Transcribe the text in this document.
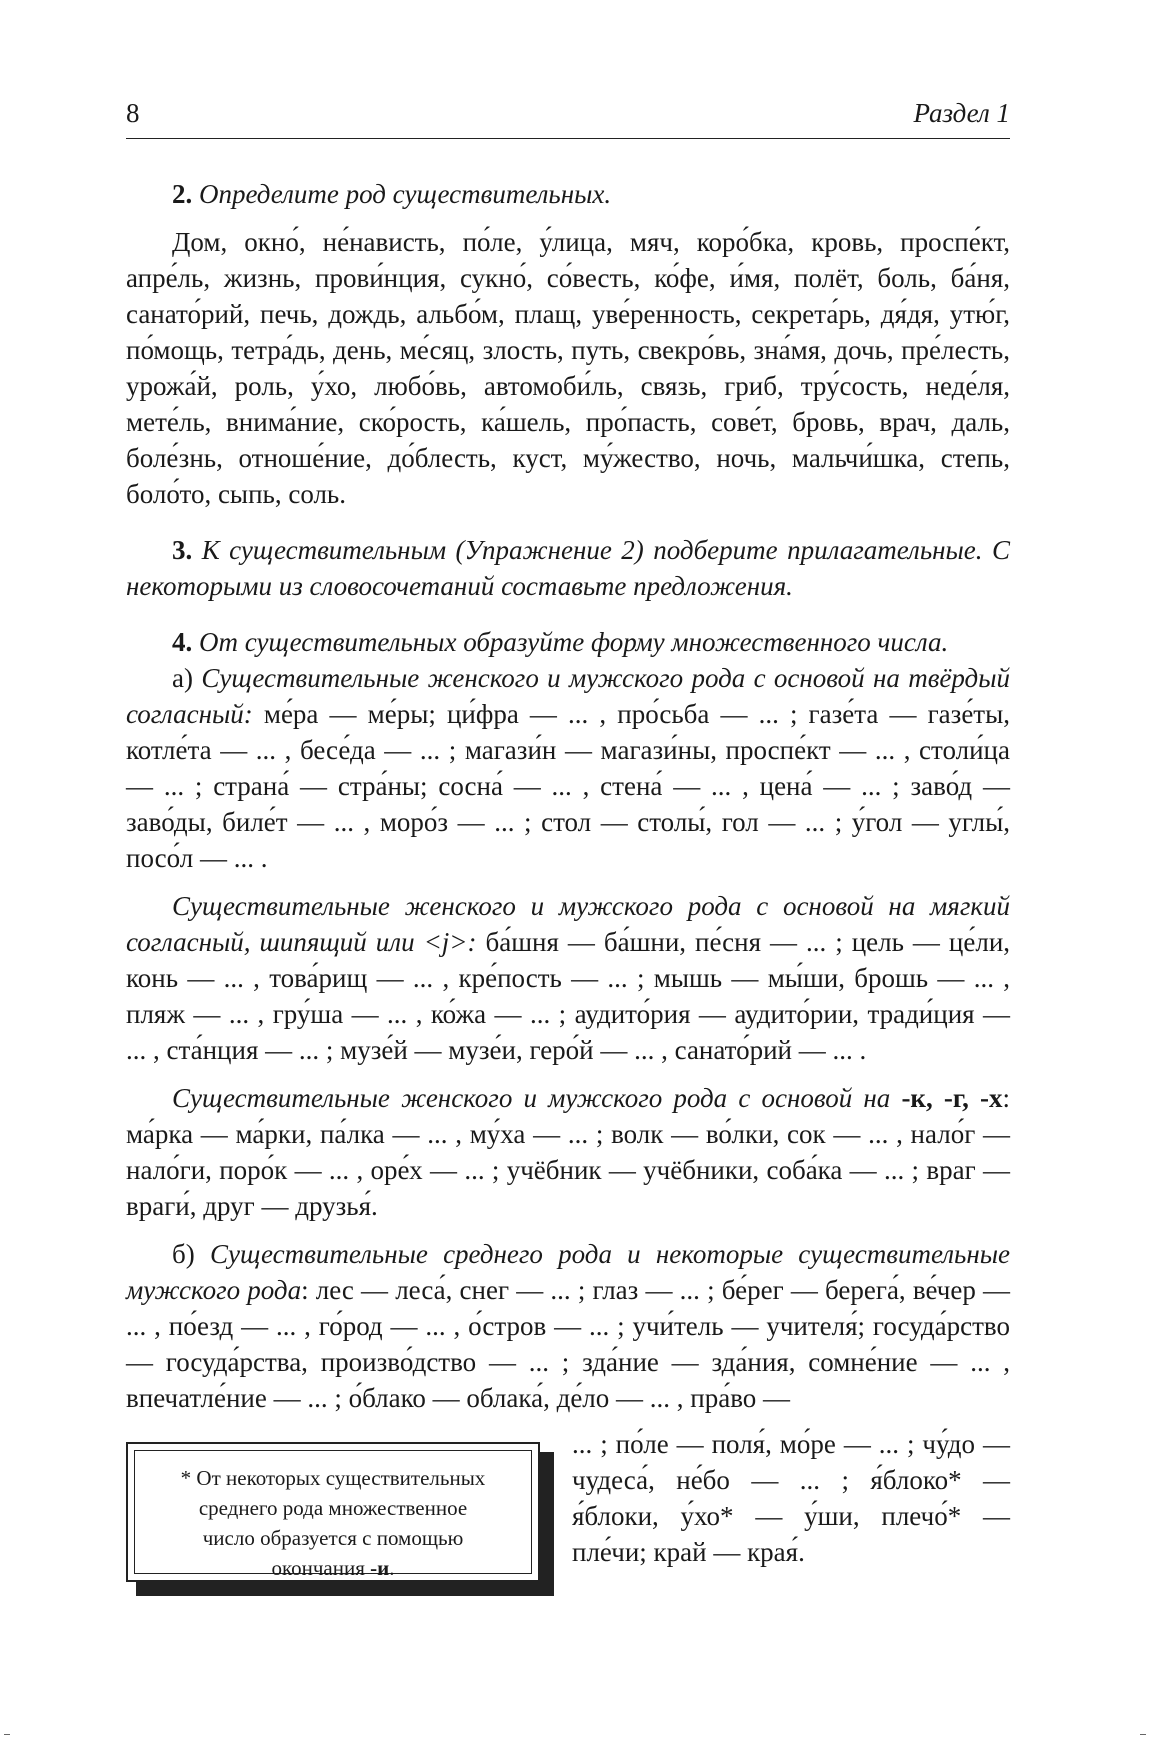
8	Раздел 1

2. Определите род существительных.

Дом, окно́, не́нависть, по́ле, у́лица, мяч, коро́бка, кровь, проспе́кт, апре́ль, жизнь, прови́нция, сукно́, со́весть, ко́фе, и́мя, полёт, боль, ба́ня, санато́рий, печь, дождь, альбо́м, плащ, уве́ренность, секрета́рь, дя́дя, утю́г, по́мощь, тетра́дь, день, ме́сяц, злость, путь, свекро́вь, зна́мя, дочь, пре́лесть, урожа́й, роль, у́хо, любо́вь, автомоби́ль, связь, гриб, тру́сость, неде́ля, мете́ль, внима́ние, ско́рость, ка́шель, про́пасть, сове́т, бровь, врач, даль, боле́знь, отноше́ние, до́блесть, куст, му́жество, ночь, мальчи́шка, степь, боло́то, сыпь, соль.

3. К существительным (Упражнение 2) подберите прилагательные. С некоторыми из словосочетаний составьте предложения.

4. От существительных образуйте форму множественного числа.

а) Существительные женского и мужского рода с основой на твёрдый согласный: ме́ра — ме́ры; ци́фра — ... , про́сьба — ... ; газе́та — газе́ты, котле́та — ... , бесе́да — ... ; магази́н — магази́ны, проспе́кт — ... , столи́ца — ... ; страна́ — стра́ны; сосна́ — ... , стена́ — ... , цена́ — ... ; заво́д — заво́ды, биле́т — ... , моро́з — ... ; стол — столы́, гол — ... ; у́гол — углы́, посо́л — ... .

Существительные женского и мужского рода с основой на мягкий согласный, шипящий или <j>: ба́шня — ба́шни, пе́сня — ... ; цель — це́ли, конь — ... , това́рищ — ... , кре́пость — ... ; мышь — мы́ши, брошь — ... , пляж — ... , гру́ша — ... , ко́жа — ... ; аудито́рия — аудито́рии, тради́ция — ... , ста́нция — ... ; музе́й — музе́и, геро́й — ... , санато́рий — ... .

Существительные женского и мужского рода с основой на -к, -г, -х: ма́рка — ма́рки, па́лка — ... , му́ха — ... ; волк — во́лки, сок — ... , нало́г — нало́ги, поро́к — ... , оре́х — ... ; учёбник — учёбники, соба́ка — ... ; враг — враги́, друг — друзья́.

б) Существительные среднего рода и некоторые существительные мужского рода: лес — леса́, снег — ... ; глаз — ... ; бе́рег — берега́, ве́чер — ... , по́езд — ... , го́род — ... , о́стров — ... ; учи́тель — учителя́; госуда́рство — госуда́рства, произво́дство — ... ; зда́ние — зда́ния, сомне́ние — ... , впечатле́ние — ... ; о́блако — облака́, де́ло — ... , пра́во —

... ; по́ле — поля́, мо́ре — ... ; чу́до — чудеса́, не́бо — ... ; я́блоко* — я́блоки, у́хо* — у́ши, плечо́* — пле́чи; край — края́.

* От некоторых существительных
среднего рода множественное
число образуется с помощью
окончания -и.
